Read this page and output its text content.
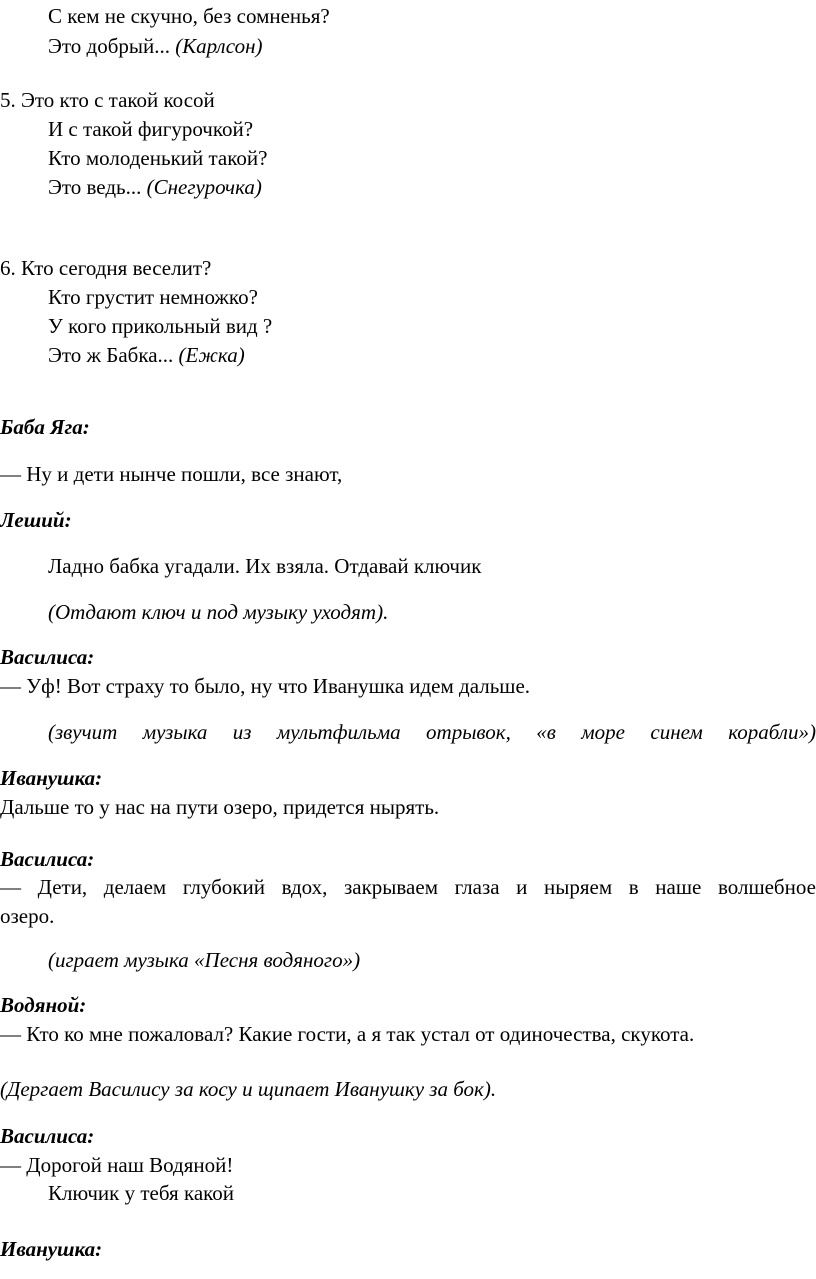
С кем не скучно, без сомненья?
Это добрый... (Карлсон)
5. Это кто с такой косой
И с такой фигурочкой?
Кто молоденький такой?
Это ведь... (Снегурочка)
6. Кто сегодня веселит?
Кто грустит немножко?
У кого прикольный вид ?
Это ж Бабка... (Ежка)
Баба Яга:
— Ну и дети нынче пошли, все знают,
Леший:
Ладно бабка угадали. Их взяла. Отдавай ключик
(Отдают ключ и под музыку уходят).
Василиса:
— Уф! Вот страху то было, ну что Иванушка идем дальше.
(звучит музыка из мультфильма отрывок, «в море синем корабли»)
Иванушка:
Дальше то у нас на пути озеро, придется нырять.
Василиса:
— Дети, делаем глубокий вдох, закрываем глаза и ныряем в наше волшебное
озеро.
(играет музыка «Песня водяного»)
Водяной:
— Кто ко мне пожаловал? Какие гости, а я так устал от одиночества, скукота.
(Дергает Василису за косу и щипает Иванушку за бок).
Василиса:
— Дорогой наш Водяной!
Ключик у тебя какой
Иванушка:
